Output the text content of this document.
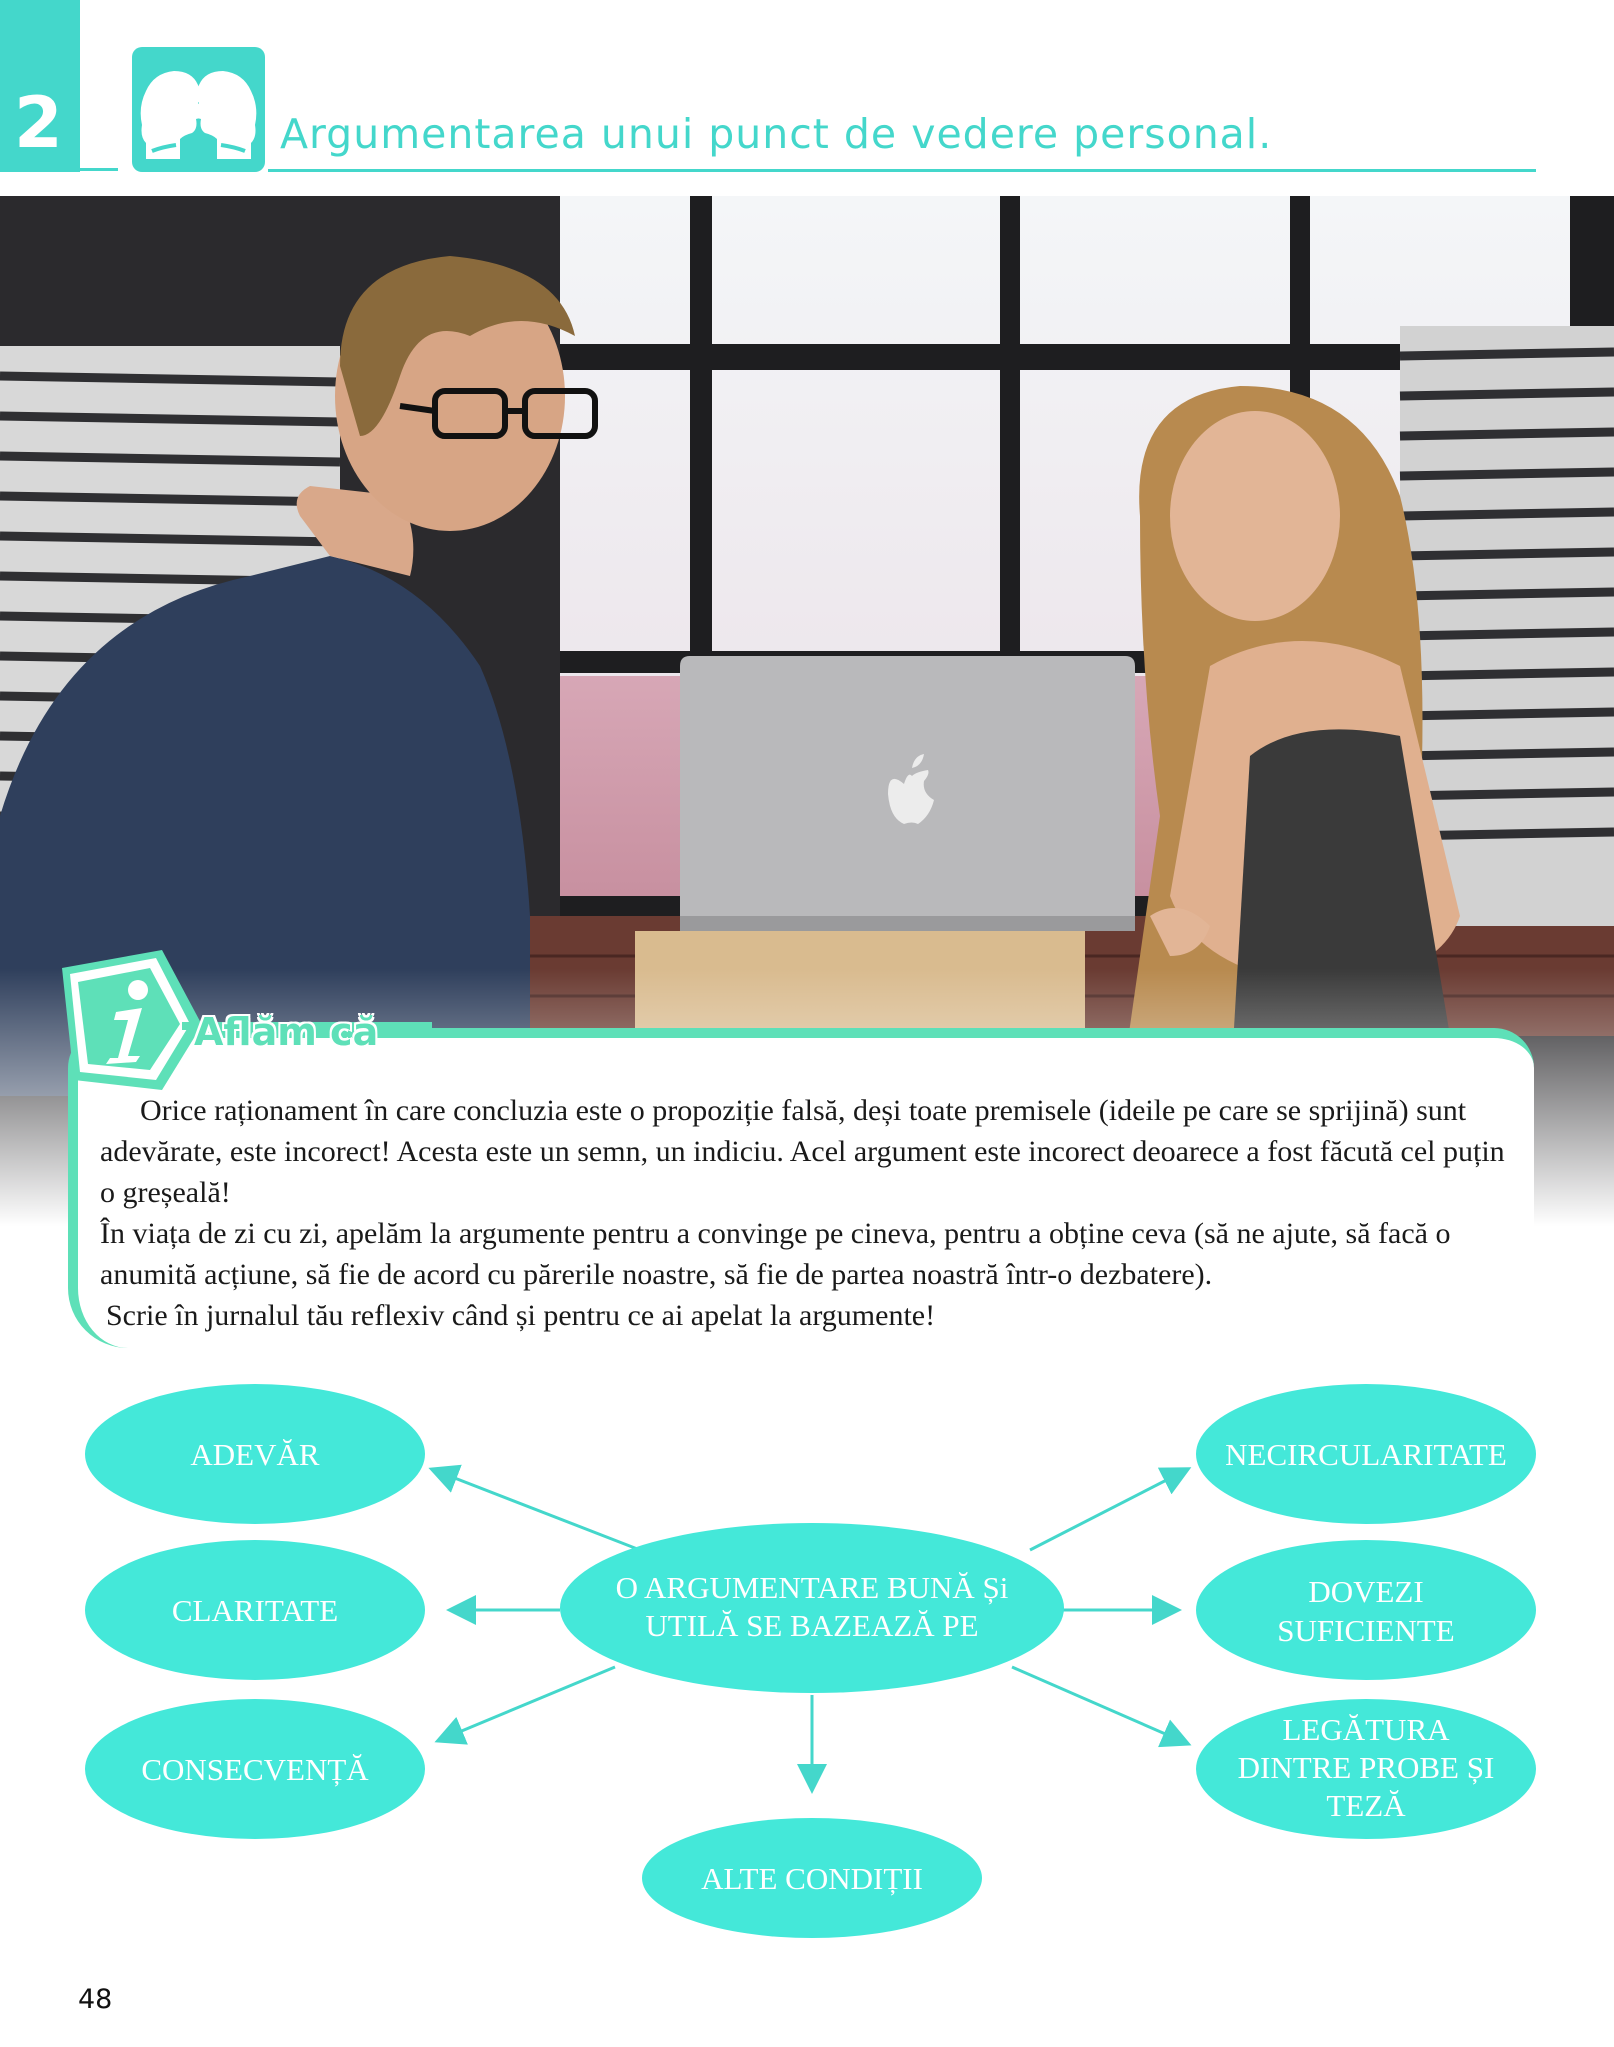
2	Argumentarea unui punct de vedere personal.
Aflăm că

Orice raționament în care concluzia este o propoziție falsă, deși toate premisele (ideile pe care se sprijină) sunt adevărate, este incorect! Acesta este un semn, un indiciu. Acel argument este incorect deoarece a fost făcută cel puțin o greșeală!

În viața de zi cu zi, apelăm la argumente pentru a convinge pe cineva, pentru a obține ceva (să ne ajute, să facă o anumită acțiune, să fie de acord cu părerile noastre, să fie de partea noastră într-o dezbatere).

Scrie în jurnalul tău reflexiv când și pentru ce ai apelat la argumente!

O ARGUMENTARE BUNĂ Și
UTILĂ SE BAZEAZĂ PE
ADEVĂR
CLARITATE
CONSECVENȚĂ
NECIRCULARITATE
DOVEZI
SUFICIENTE
LEGĂTURA
DINTRE PROBE ȘI
TEZĂ
ALTE CONDIȚII
48
